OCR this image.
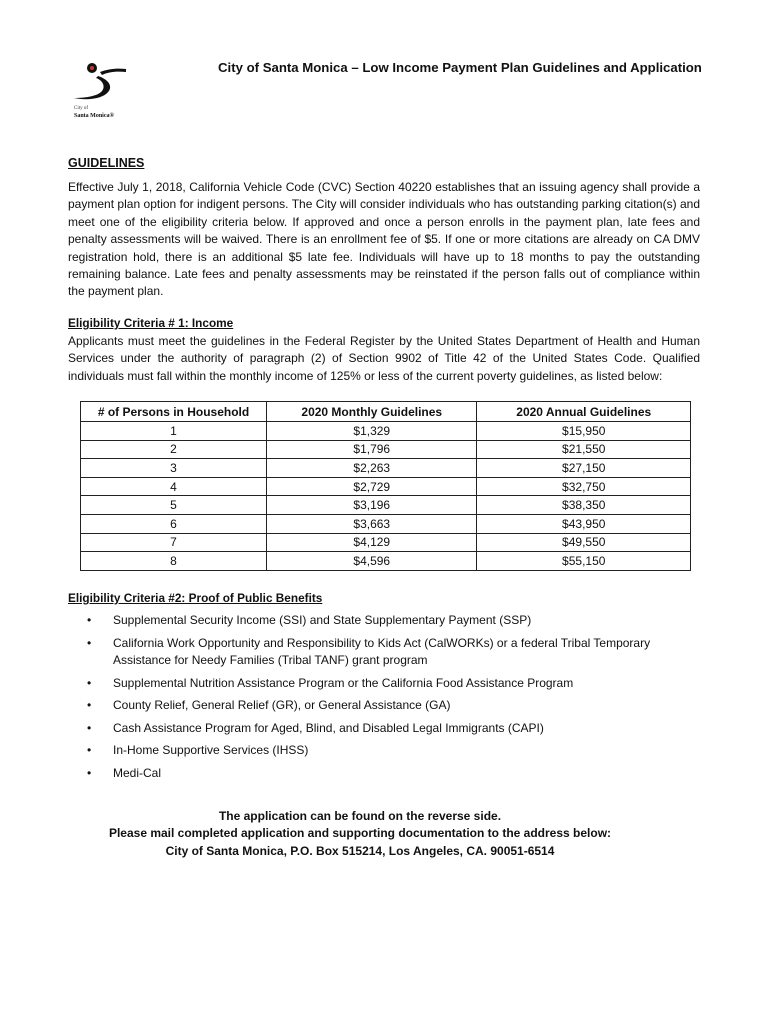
City of
Santa Monica®
City of Santa Monica – Low Income Payment Plan Guidelines and Application
GUIDELINES

Effective July 1, 2018, California Vehicle Code (CVC) Section 40220 establishes that an issuing agency shall provide a payment plan option for indigent persons. The City will consider individuals who has outstanding parking citation(s) and meet one of the eligibility criteria below. If approved and once a person enrolls in the payment plan, late fees and penalty assessments will be waived. There is an enrollment fee of $5. If one or more citations are already on CA DMV registration hold, there is an additional $5 late fee. Individuals will have up to 18 months to pay the outstanding remaining balance. Late fees and penalty assessments may be reinstated if the person falls out of compliance within the payment plan.

Eligibility Criteria # 1: Income

Applicants must meet the guidelines in the Federal Register by the United States Department of Health and Human Services under the authority of paragraph (2) of Section 9902 of Title 42 of the United States Code. Qualified individuals must fall within the monthly income of 125% or less of the current poverty guidelines, as listed below:

# of Persons in Household	2020 Monthly Guidelines	2020 Annual Guidelines
1	$1,329	$15,950
2	$1,796	$21,550
3	$2,263	$27,150
4	$2,729	$32,750
5	$3,196	$38,350
6	$3,663	$43,950
7	$4,129	$49,550
8	$4,596	$55,150
Eligibility Criteria #2: Proof of Public Benefits
• Supplemental Security Income (SSI) and State Supplementary Payment (SSP)
• California Work Opportunity and Responsibility to Kids Act (CalWORKs) or a federal Tribal Temporary Assistance for Needy Families (Tribal TANF) grant program
• Supplemental Nutrition Assistance Program or the California Food Assistance Program
• County Relief, General Relief (GR), or General Assistance (GA)
• Cash Assistance Program for Aged, Blind, and Disabled Legal Immigrants (CAPI)
• In-Home Supportive Services (IHSS)
• Medi-Cal
The application can be found on the reverse side.
Please mail completed application and supporting documentation to the address below:
City of Santa Monica, P.O. Box 515214, Los Angeles, CA. 90051-6514
